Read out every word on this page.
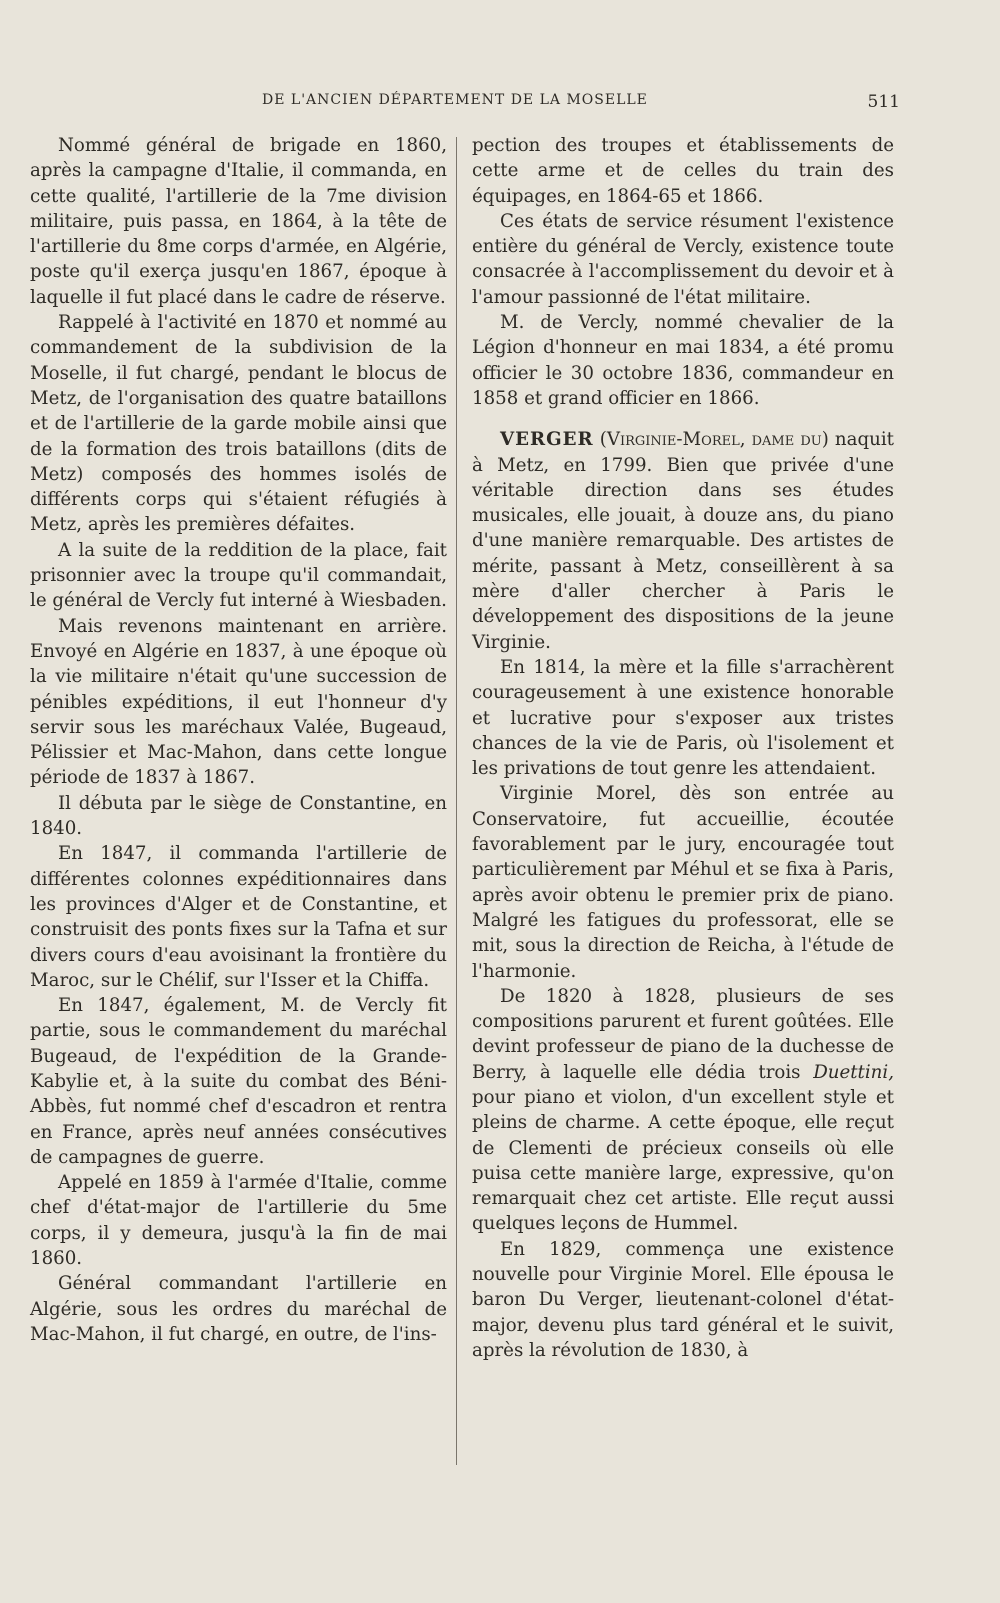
DE L'ANCIEN DÉPARTEMENT DE LA MOSELLE	511

Nommé général de brigade en 1860, après la campagne d'Italie, il commanda, en cette qualité, l'artillerie de la 7me division militaire, puis passa, en 1864, à la tête de l'artillerie du 8me corps d'armée, en Algérie, poste qu'il exerça jusqu'en 1867, époque à laquelle il fut placé dans le cadre de réserve.

Rappelé à l'activité en 1870 et nommé au commandement de la subdivision de la Moselle, il fut chargé, pendant le blocus de Metz, de l'organisation des quatre bataillons et de l'artillerie de la garde mobile ainsi que de la formation des trois bataillons (dits de Metz) composés des hommes isolés de différents corps qui s'étaient réfugiés à Metz, après les premières défaites.

A la suite de la reddition de la place, fait prisonnier avec la troupe qu'il commandait, le général de Vercly fut interné à Wiesbaden.

Mais revenons maintenant en arrière. Envoyé en Algérie en 1837, à une époque où la vie militaire n'était qu'une succession de pénibles expéditions, il eut l'honneur d'y servir sous les maréchaux Valée, Bugeaud, Pélissier et Mac-Mahon, dans cette longue période de 1837 à 1867.

Il débuta par le siège de Constantine, en 1840.

En 1847, il commanda l'artillerie de différentes colonnes expéditionnaires dans les provinces d'Alger et de Constantine, et construisit des ponts fixes sur la Tafna et sur divers cours d'eau avoisinant la frontière du Maroc, sur le Chélif, sur l'Isser et la Chiffa.

En 1847, également, M. de Vercly fit partie, sous le commandement du maréchal Bugeaud, de l'expédition de la Grande-Kabylie et, à la suite du combat des Béni-Abbès, fut nommé chef d'escadron et rentra en France, après neuf années consécutives de campagnes de guerre.

Appelé en 1859 à l'armée d'Italie, comme chef d'état-major de l'artillerie du 5me corps, il y demeura, jusqu'à la fin de mai 1860.

Général commandant l'artillerie en Algérie, sous les ordres du maréchal de Mac-Mahon, il fut chargé, en outre, de l'ins-

pection des troupes et établissements de cette arme et de celles du train des équipages, en 1864-65 et 1866.

Ces états de service résument l'existence entière du général de Vercly, existence toute consacrée à l'accomplissement du devoir et à l'amour passionné de l'état militaire.

M. de Vercly, nommé chevalier de la Légion d'honneur en mai 1834, a été promu officier le 30 octobre 1836, commandeur en 1858 et grand officier en 1866.

VERGER (Virginie-Morel, dame du) naquit à Metz, en 1799. Bien que privée d'une véritable direction dans ses études musicales, elle jouait, à douze ans, du piano d'une manière remarquable. Des artistes de mérite, passant à Metz, conseillèrent à sa mère d'aller chercher à Paris le développement des dispositions de la jeune Virginie.

En 1814, la mère et la fille s'arrachèrent courageusement à une existence honorable et lucrative pour s'exposer aux tristes chances de la vie de Paris, où l'isolement et les privations de tout genre les attendaient.

Virginie Morel, dès son entrée au Conservatoire, fut accueillie, écoutée favorablement par le jury, encouragée tout particulièrement par Méhul et se fixa à Paris, après avoir obtenu le premier prix de piano. Malgré les fatigues du professorat, elle se mit, sous la direction de Reicha, à l'étude de l'harmonie.

De 1820 à 1828, plusieurs de ses compositions parurent et furent goûtées. Elle devint professeur de piano de la duchesse de Berry, à laquelle elle dédia trois Duettini, pour piano et violon, d'un excellent style et pleins de charme. A cette époque, elle reçut de Clementi de précieux conseils où elle puisa cette manière large, expressive, qu'on remarquait chez cet artiste. Elle reçut aussi quelques leçons de Hummel.

En 1829, commença une existence nouvelle pour Virginie Morel. Elle épousa le baron Du Verger, lieutenant-colonel d'état-major, devenu plus tard général et le suivit, après la révolution de 1830, à
